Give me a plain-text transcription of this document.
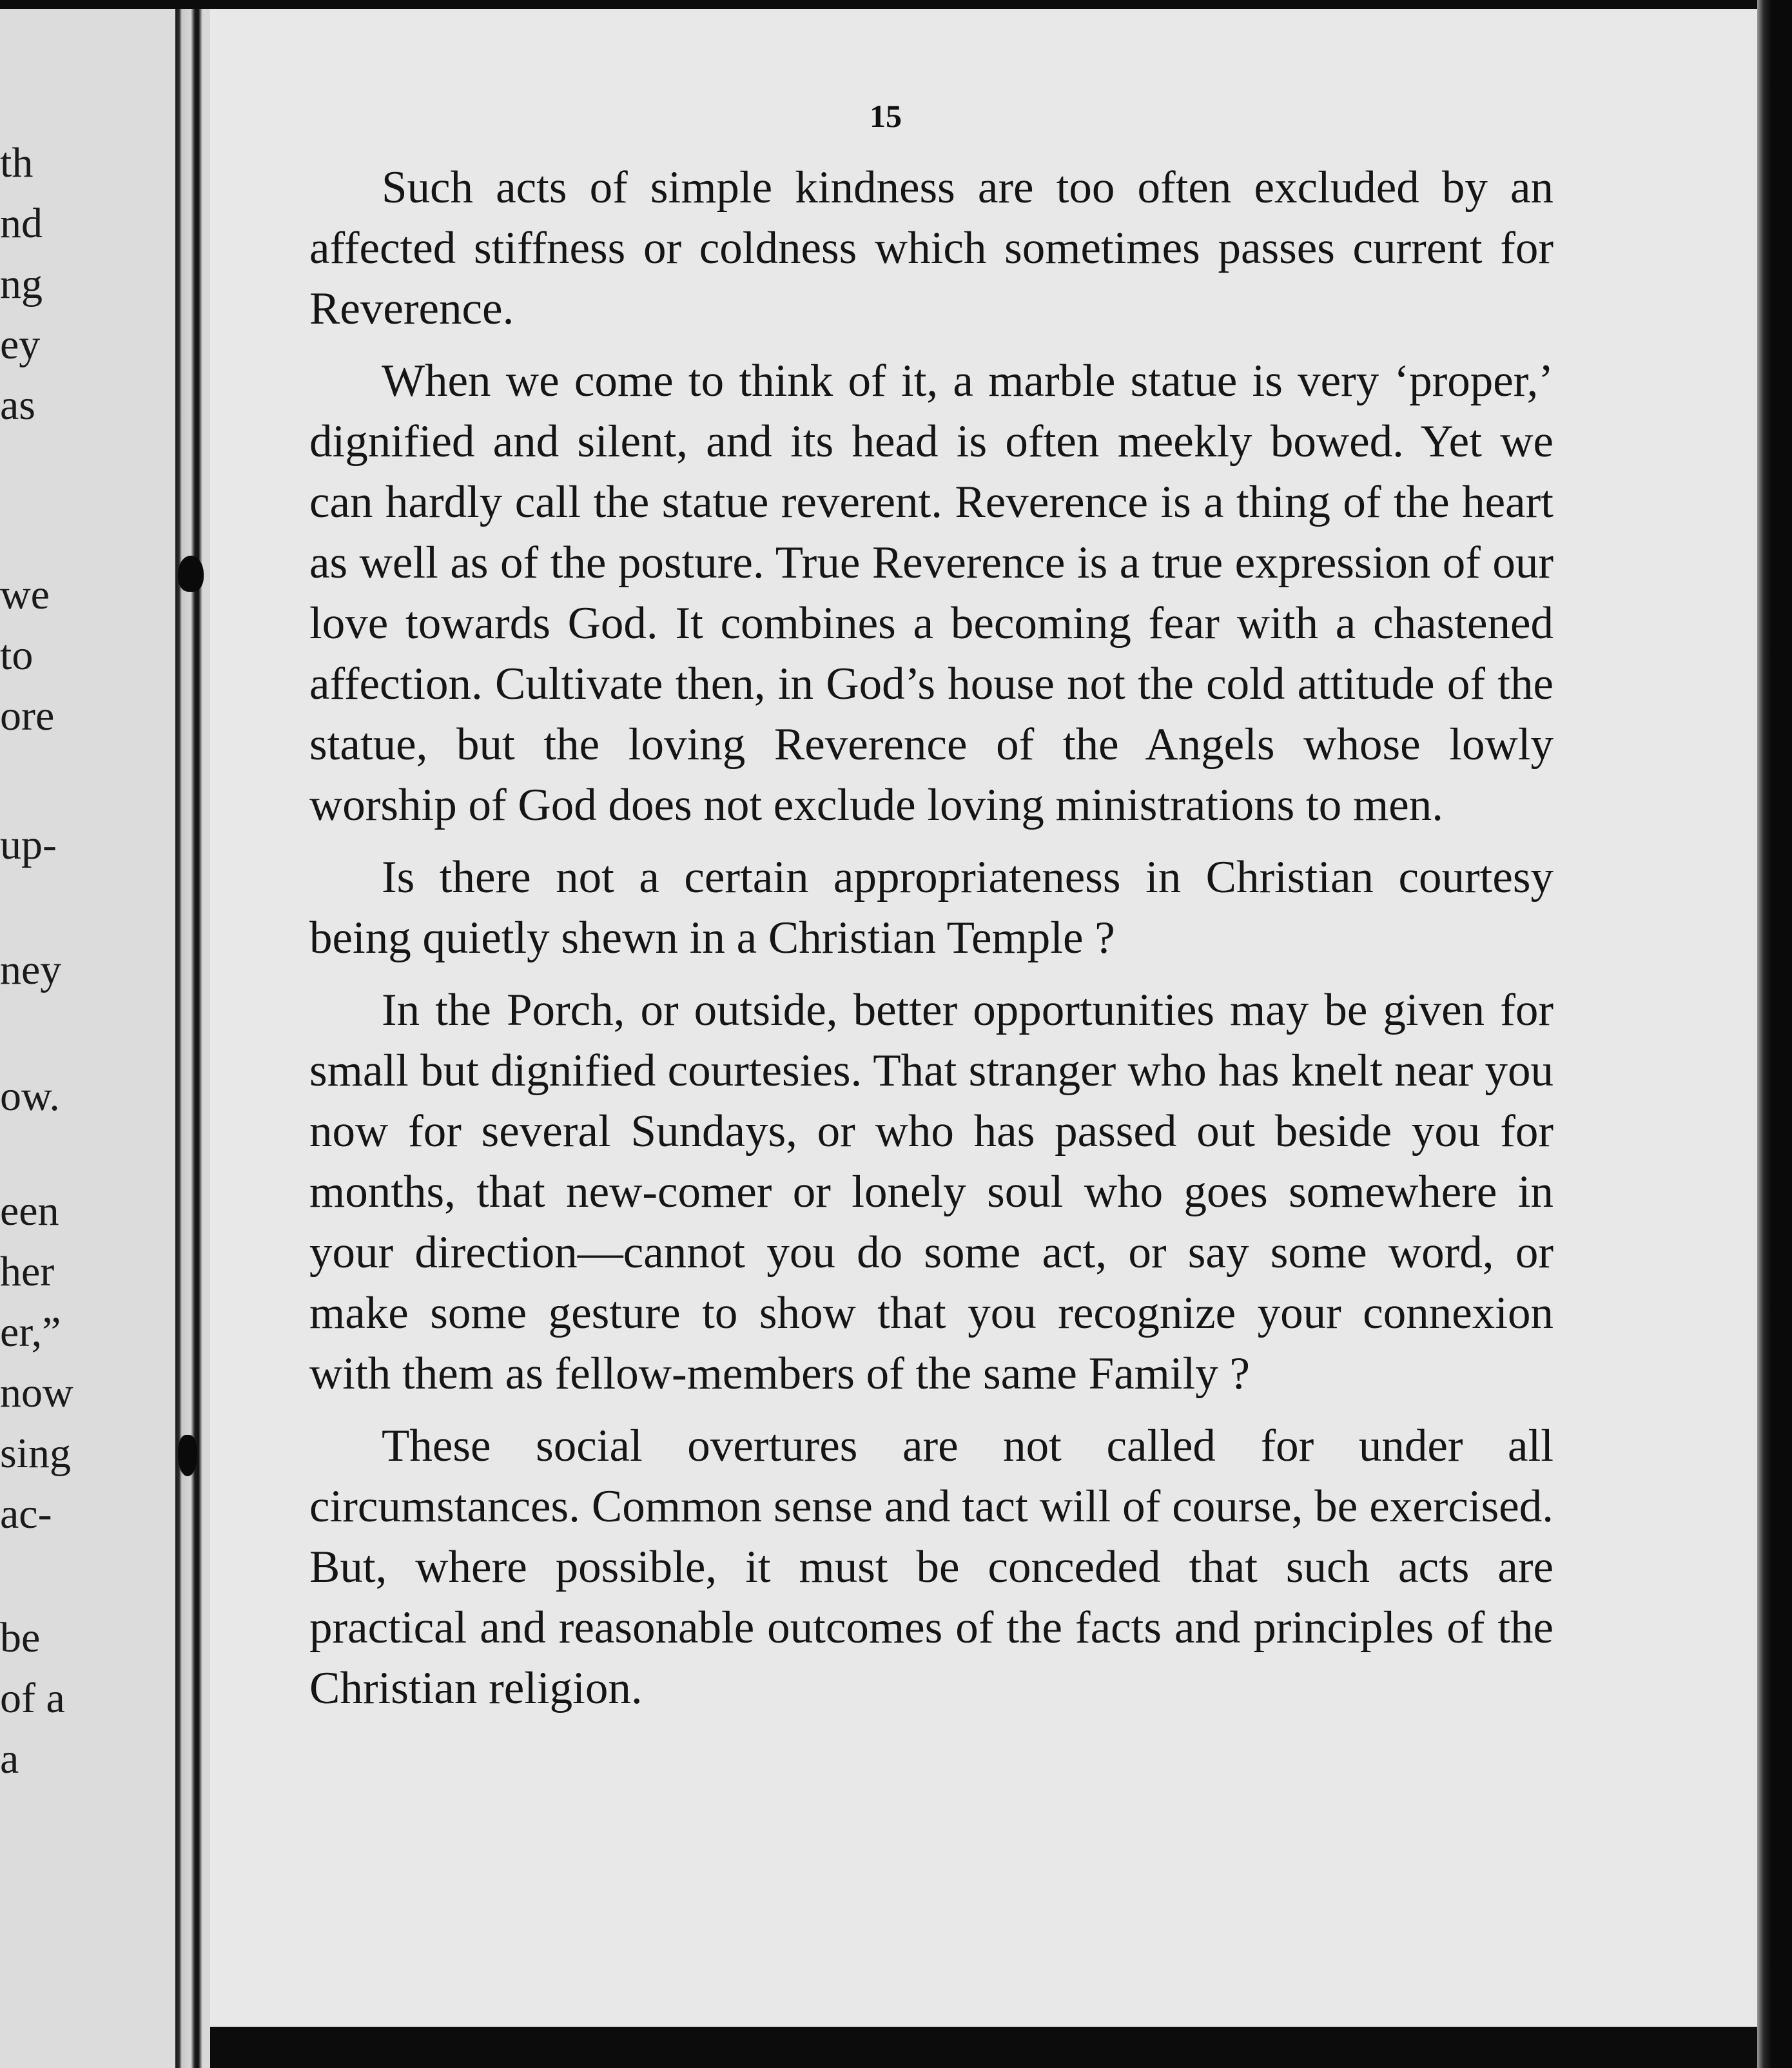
th

nd

ng

ey

as

we

to

ore

up-

ney

ow.

een

her

er,”

now

sing

ac-

be

of a

a

15

Such acts of simple kindness are too often excluded by an affected stiffness or coldness which sometimes passes current for Reverence.

When we come to think of it, a marble statue is very ‘proper,’ dignified and silent, and its head is often meekly bowed. Yet we can hardly call the statue reverent. Reverence is a thing of the heart as well as of the posture. True Reverence is a true expression of our love towards God. It combines a becoming fear with a chastened affection. Cultivate then, in God’s house not the cold attitude of the statue, but the loving Reverence of the Angels whose lowly worship of God does not exclude loving ministrations to men.

Is there not a certain appropriateness in Christian courtesy being quietly shewn in a Christian Temple ?

In the Porch, or outside, better opportunities may be given for small but dignified courtesies. That stranger who has knelt near you now for several Sundays, or who has passed out beside you for months, that new-comer or lonely soul who goes somewhere in your direction—cannot you do some act, or say some word, or make some gesture to show that you recognize your connexion with them as fellow-members of the same Family ?

These social overtures are not called for under all circumstances. Common sense and tact will of course, be exercised. But, where possible, it must be conceded that such acts are practical and reasonable outcomes of the facts and principles of the Christian religion.
